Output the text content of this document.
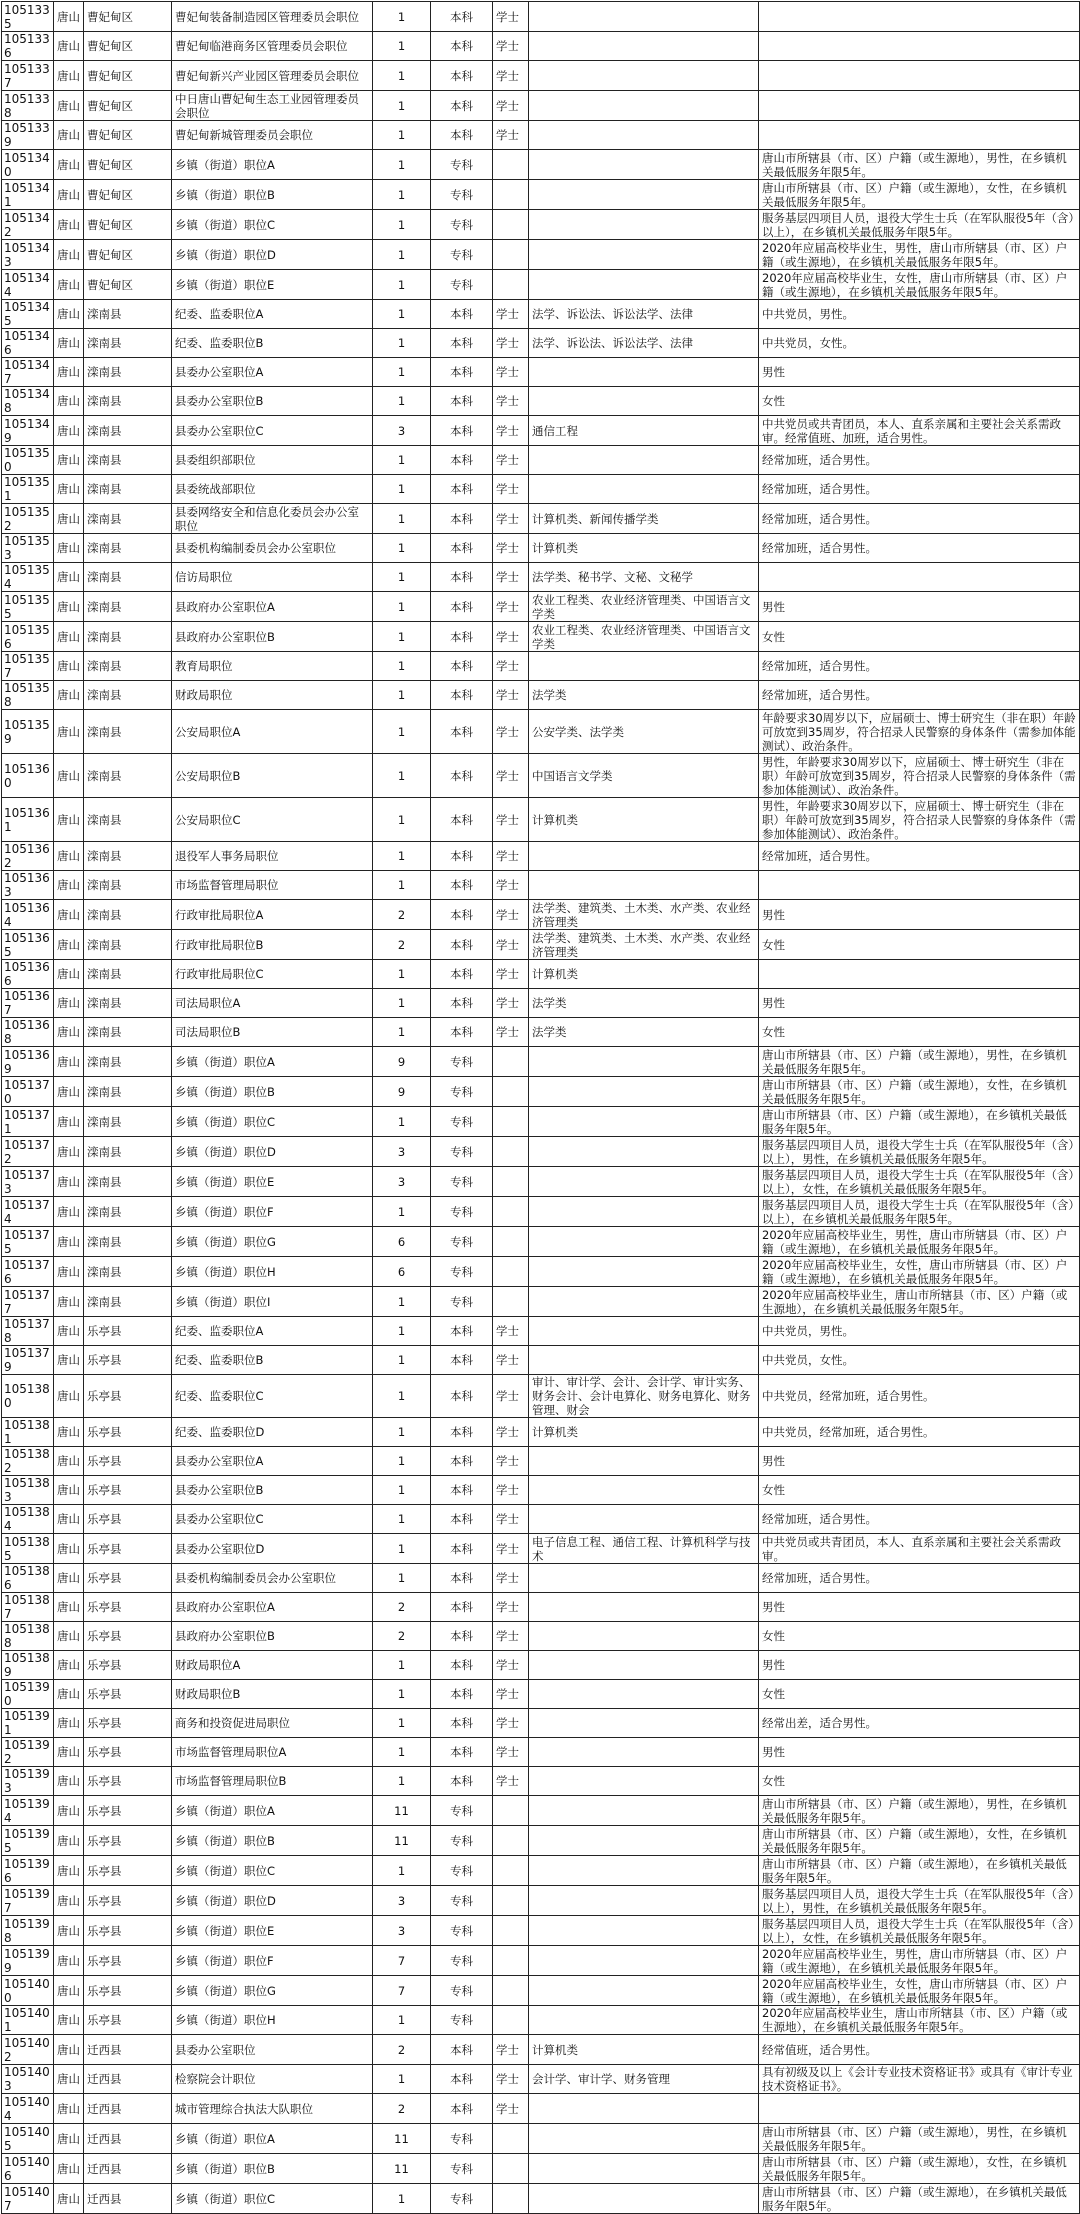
1051335	唐山	曹妃甸区	曹妃甸装备制造园区管理委员会职位	1	本科	学士		
1051336	唐山	曹妃甸区	曹妃甸临港商务区管理委员会职位	1	本科	学士		
1051337	唐山	曹妃甸区	曹妃甸新兴产业园区管理委员会职位	1	本科	学士		
1051338	唐山	曹妃甸区	中日唐山曹妃甸生态工业园管理委员会职位	1	本科	学士		
1051339	唐山	曹妃甸区	曹妃甸新城管理委员会职位	1	本科	学士		
1051340	唐山	曹妃甸区	乡镇（街道）职位A	1	专科			唐山市所辖县（市、区）户籍（或生源地），男性，在乡镇机关最低服务年限5年。
1051341	唐山	曹妃甸区	乡镇（街道）职位B	1	专科			唐山市所辖县（市、区）户籍（或生源地），女性，在乡镇机关最低服务年限5年。
1051342	唐山	曹妃甸区	乡镇（街道）职位C	1	专科			服务基层四项目人员，退役大学生士兵（在军队服役5年（含）以上），在乡镇机关最低服务年限5年。
1051343	唐山	曹妃甸区	乡镇（街道）职位D	1	专科			2020年应届高校毕业生，男性，唐山市所辖县（市、区）户籍（或生源地），在乡镇机关最低服务年限5年。
1051344	唐山	曹妃甸区	乡镇（街道）职位E	1	专科			2020年应届高校毕业生，女性，唐山市所辖县（市、区）户籍（或生源地），在乡镇机关最低服务年限5年。
1051345	唐山	滦南县	纪委、监委职位A	1	本科	学士	法学、诉讼法、诉讼法学、法律	中共党员，男性。
1051346	唐山	滦南县	纪委、监委职位B	1	本科	学士	法学、诉讼法、诉讼法学、法律	中共党员，女性。
1051347	唐山	滦南县	县委办公室职位A	1	本科	学士		男性
1051348	唐山	滦南县	县委办公室职位B	1	本科	学士		女性
1051349	唐山	滦南县	县委办公室职位C	3	本科	学士	通信工程	中共党员或共青团员，本人、直系亲属和主要社会关系需政审。经常值班、加班，适合男性。
1051350	唐山	滦南县	县委组织部职位	1	本科	学士		经常加班，适合男性。
1051351	唐山	滦南县	县委统战部职位	1	本科	学士		经常加班，适合男性。
1051352	唐山	滦南县	县委网络安全和信息化委员会办公室职位	1	本科	学士	计算机类、新闻传播学类	经常加班，适合男性。
1051353	唐山	滦南县	县委机构编制委员会办公室职位	1	本科	学士	计算机类	经常加班，适合男性。
1051354	唐山	滦南县	信访局职位	1	本科	学士	法学类、秘书学、文秘、文秘学	
1051355	唐山	滦南县	县政府办公室职位A	1	本科	学士	农业工程类、农业经济管理类、中国语言文学类	男性
1051356	唐山	滦南县	县政府办公室职位B	1	本科	学士	农业工程类、农业经济管理类、中国语言文学类	女性
1051357	唐山	滦南县	教育局职位	1	本科	学士		经常加班，适合男性。
1051358	唐山	滦南县	财政局职位	1	本科	学士	法学类	经常加班，适合男性。
1051359	唐山	滦南县	公安局职位A	1	本科	学士	公安学类、法学类	年龄要求30周岁以下，应届硕士、博士研究生（非在职）年龄可放宽到35周岁，符合招录人民警察的身体条件（需参加体能测试）、政治条件。
1051360	唐山	滦南县	公安局职位B	1	本科	学士	中国语言文学类	男性，年龄要求30周岁以下，应届硕士、博士研究生（非在职）年龄可放宽到35周岁，符合招录人民警察的身体条件（需参加体能测试）、政治条件。
1051361	唐山	滦南县	公安局职位C	1	本科	学士	计算机类	男性，年龄要求30周岁以下，应届硕士、博士研究生（非在职）年龄可放宽到35周岁，符合招录人民警察的身体条件（需参加体能测试）、政治条件。
1051362	唐山	滦南县	退役军人事务局职位	1	本科	学士		经常加班，适合男性。
1051363	唐山	滦南县	市场监督管理局职位	1	本科	学士		
1051364	唐山	滦南县	行政审批局职位A	2	本科	学士	法学类、建筑类、土木类、水产类、农业经济管理类	男性
1051365	唐山	滦南县	行政审批局职位B	2	本科	学士	法学类、建筑类、土木类、水产类、农业经济管理类	女性
1051366	唐山	滦南县	行政审批局职位C	1	本科	学士	计算机类	
1051367	唐山	滦南县	司法局职位A	1	本科	学士	法学类	男性
1051368	唐山	滦南县	司法局职位B	1	本科	学士	法学类	女性
1051369	唐山	滦南县	乡镇（街道）职位A	9	专科			唐山市所辖县（市、区）户籍（或生源地），男性，在乡镇机关最低服务年限5年。
1051370	唐山	滦南县	乡镇（街道）职位B	9	专科			唐山市所辖县（市、区）户籍（或生源地），女性，在乡镇机关最低服务年限5年。
1051371	唐山	滦南县	乡镇（街道）职位C	1	专科			唐山市所辖县（市、区）户籍（或生源地），在乡镇机关最低服务年限5年。
1051372	唐山	滦南县	乡镇（街道）职位D	3	专科			服务基层四项目人员，退役大学生士兵（在军队服役5年（含）以上），男性，在乡镇机关最低服务年限5年。
1051373	唐山	滦南县	乡镇（街道）职位E	3	专科			服务基层四项目人员，退役大学生士兵（在军队服役5年（含）以上），女性，在乡镇机关最低服务年限5年。
1051374	唐山	滦南县	乡镇（街道）职位F	1	专科			服务基层四项目人员，退役大学生士兵（在军队服役5年（含）以上），在乡镇机关最低服务年限5年。
1051375	唐山	滦南县	乡镇（街道）职位G	6	专科			2020年应届高校毕业生，男性，唐山市所辖县（市、区）户籍（或生源地），在乡镇机关最低服务年限5年。
1051376	唐山	滦南县	乡镇（街道）职位H	6	专科			2020年应届高校毕业生，女性，唐山市所辖县（市、区）户籍（或生源地），在乡镇机关最低服务年限5年。
1051377	唐山	滦南县	乡镇（街道）职位I	1	专科			2020年应届高校毕业生，唐山市所辖县（市、区）户籍（或生源地），在乡镇机关最低服务年限5年。
1051378	唐山	乐亭县	纪委、监委职位A	1	本科	学士		中共党员，男性。
1051379	唐山	乐亭县	纪委、监委职位B	1	本科	学士		中共党员，女性。
1051380	唐山	乐亭县	纪委、监委职位C	1	本科	学士	审计、审计学、会计、会计学、审计实务、财务会计、会计电算化、财务电算化、财务管理、财会	中共党员，经常加班，适合男性。
1051381	唐山	乐亭县	纪委、监委职位D	1	本科	学士	计算机类	中共党员，经常加班，适合男性。
1051382	唐山	乐亭县	县委办公室职位A	1	本科	学士		男性
1051383	唐山	乐亭县	县委办公室职位B	1	本科	学士		女性
1051384	唐山	乐亭县	县委办公室职位C	1	本科	学士		经常加班，适合男性。
1051385	唐山	乐亭县	县委办公室职位D	1	本科	学士	电子信息工程、通信工程、计算机科学与技术	中共党员或共青团员，本人、直系亲属和主要社会关系需政审。
1051386	唐山	乐亭县	县委机构编制委员会办公室职位	1	本科	学士		经常加班，适合男性。
1051387	唐山	乐亭县	县政府办公室职位A	2	本科	学士		男性
1051388	唐山	乐亭县	县政府办公室职位B	2	本科	学士		女性
1051389	唐山	乐亭县	财政局职位A	1	本科	学士		男性
1051390	唐山	乐亭县	财政局职位B	1	本科	学士		女性
1051391	唐山	乐亭县	商务和投资促进局职位	1	本科	学士		经常出差，适合男性。
1051392	唐山	乐亭县	市场监督管理局职位A	1	本科	学士		男性
1051393	唐山	乐亭县	市场监督管理局职位B	1	本科	学士		女性
1051394	唐山	乐亭县	乡镇（街道）职位A	11	专科			唐山市所辖县（市、区）户籍（或生源地），男性，在乡镇机关最低服务年限5年。
1051395	唐山	乐亭县	乡镇（街道）职位B	11	专科			唐山市所辖县（市、区）户籍（或生源地），女性，在乡镇机关最低服务年限5年。
1051396	唐山	乐亭县	乡镇（街道）职位C	1	专科			唐山市所辖县（市、区）户籍（或生源地），在乡镇机关最低服务年限5年。
1051397	唐山	乐亭县	乡镇（街道）职位D	3	专科			服务基层四项目人员，退役大学生士兵（在军队服役5年（含）以上），男性，在乡镇机关最低服务年限5年。
1051398	唐山	乐亭县	乡镇（街道）职位E	3	专科			服务基层四项目人员，退役大学生士兵（在军队服役5年（含）以上），女性，在乡镇机关最低服务年限5年。
1051399	唐山	乐亭县	乡镇（街道）职位F	7	专科			2020年应届高校毕业生，男性，唐山市所辖县（市、区）户籍（或生源地），在乡镇机关最低服务年限5年。
1051400	唐山	乐亭县	乡镇（街道）职位G	7	专科			2020年应届高校毕业生，女性，唐山市所辖县（市、区）户籍（或生源地），在乡镇机关最低服务年限5年。
1051401	唐山	乐亭县	乡镇（街道）职位H	1	专科			2020年应届高校毕业生，唐山市所辖县（市、区）户籍（或生源地），在乡镇机关最低服务年限5年。
1051402	唐山	迁西县	县委办公室职位	2	本科	学士	计算机类	经常值班，适合男性。
1051403	唐山	迁西县	检察院会计职位	1	本科	学士	会计学、审计学、财务管理	具有初级及以上《会计专业技术资格证书》或具有《审计专业技术资格证书》。
1051404	唐山	迁西县	城市管理综合执法大队职位	2	本科	学士		
1051405	唐山	迁西县	乡镇（街道）职位A	11	专科			唐山市所辖县（市、区）户籍（或生源地），男性，在乡镇机关最低服务年限5年。
1051406	唐山	迁西县	乡镇（街道）职位B	11	专科			唐山市所辖县（市、区）户籍（或生源地），女性，在乡镇机关最低服务年限5年。
1051407	唐山	迁西县	乡镇（街道）职位C	1	专科			唐山市所辖县（市、区）户籍（或生源地），在乡镇机关最低服务年限5年。
